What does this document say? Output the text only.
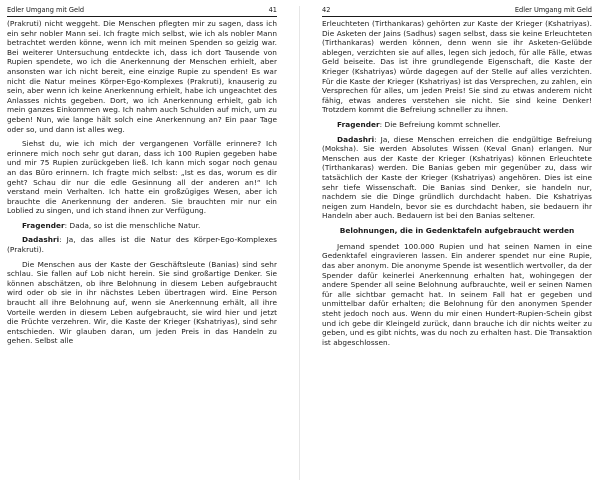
Edler Umgang mit Geld	41

(Prakruti) nicht weggeht. Die Menschen pflegten mir zu sagen, dass ich ein sehr nobler Mann sei. Ich fragte mich selbst, wie ich als nobler Mann betrachtet werden könne, wenn ich mit meinen Spenden so geizig war. Bei weiterer Untersuchung entdeckte ich, dass ich dort Tausende von Rupien spendete, wo ich die Anerkennung der Menschen erhielt, aber ansonsten war ich nicht bereit, eine einzige Rupie zu spenden! Es war nicht die Natur meines Körper-Ego-Komplexes (Prakruti), knauserig zu sein, aber wenn ich keine Anerkennung erhielt, habe ich ungeachtet des Anlasses nichts gegeben. Dort, wo ich Anerkennung erhielt, gab ich mein ganzes Einkommen weg. Ich nahm auch Schulden auf mich, um zu geben! Nun, wie lange hält solch eine Anerkennung an? Ein paar Tage oder so, und dann ist alles weg.

Siehst du, wie ich mich der vergangenen Vorfälle erinnere? Ich erinnere mich noch sehr gut daran, dass ich 100 Rupien gegeben habe und mir 75 Rupien zurückgeben ließ. Ich kann mich sogar noch genau an das Büro erinnern. Ich fragte mich selbst: „Ist es das, worum es dir geht? Schau dir nur die edle Gesinnung all der anderen an!“ Ich verstand mein Verhalten. Ich hatte ein großzügiges Wesen, aber ich brauchte die Anerkennung der anderen. Sie brauchten mir nur ein Loblied zu singen, und ich stand ihnen zur Verfügung.

Fragender: Dada, so ist die menschliche Natur.

Dadashri: Ja, das alles ist die Natur des Körper-Ego-Komplexes (Prakruti).

Die Menschen aus der Kaste der Geschäftsleute (Banias) sind sehr schlau. Sie fallen auf Lob nicht herein. Sie sind großartige Denker. Sie können abschätzen, ob ihre Belohnung in diesem Leben aufgebraucht wird oder ob sie in ihr nächstes Leben übertragen wird. Eine Person braucht all ihre Belohnung auf, wenn sie Anerkennung erhält, all ihre Vorteile werden in diesem Leben aufgebraucht, sie wird hier und jetzt die Früchte verzehren. Wir, die Kaste der Krieger (Kshatriyas), sind sehr entschieden. Wir glauben daran, um jeden Preis in das Handeln zu gehen. Selbst alle

42	Edler Umgang mit Geld

Erleuchteten (Tirthankaras) gehörten zur Kaste der Krieger (Kshatriyas). Die Asketen der Jains (Sadhus) sagen selbst, dass sie keine Erleuchteten (Tirthankaras) werden können, denn wenn sie ihr Asketen-Gelübde ablegen, verzichten sie auf alles, legen sich jedoch, für alle Fälle, etwas Geld beiseite. Das ist ihre grundlegende Eigenschaft, die Kaste der Krieger (Kshatriyas) würde dagegen auf der Stelle auf alles verzichten. Für die Kaste der Krieger (Kshatriyas) ist das Versprechen, zu zahlen, ein Versprechen für alles, um jeden Preis! Sie sind zu etwas anderem nicht fähig, etwas anderes verstehen sie nicht. Sie sind keine Denker! Trotzdem kommt die Befreiung schneller zu ihnen.

Fragender: Die Befreiung kommt schneller.

Dadashri: Ja, diese Menschen erreichen die endgültige Befreiung (Moksha). Sie werden Absolutes Wissen (Keval Gnan) erlangen. Nur Menschen aus der Kaste der Krieger (Kshatriyas) können Erleuchtete (Tirthankaras) werden. Die Banias geben mir gegenüber zu, dass wir tatsächlich der Kaste der Krieger (Kshatriyas) angehören. Dies ist eine sehr tiefe Wissenschaft. Die Banias sind Denker, sie handeln nur, nachdem sie die Dinge gründlich durchdacht haben. Die Kshatriyas neigen zum Handeln, bevor sie es durchdacht haben, sie bedauern ihr Handeln aber auch. Bedauern ist bei den Banias seltener.

Belohnungen, die in Gedenktafeln aufgebraucht werden

Jemand spendet 100.000 Rupien und hat seinen Namen in eine Gedenktafel eingravieren lassen. Ein anderer spendet nur eine Rupie, das aber anonym. Die anonyme Spende ist wesentlich wertvoller, da der Spender dafür keinerlei Anerkennung erhalten hat, wohingegen der andere Spender all seine Belohnung aufbrauchte, weil er seinen Namen für alle sichtbar gemacht hat. In seinem Fall hat er gegeben und unmittelbar dafür erhalten; die Belohnung für den anonymen Spender steht jedoch noch aus. Wenn du mir einen Hundert-Rupien-Schein gibst und ich gebe dir Kleingeld zurück, dann brauche ich dir nichts weiter zu geben, und es gibt nichts, was du noch zu erhalten hast. Die Transaktion ist abgeschlossen.
